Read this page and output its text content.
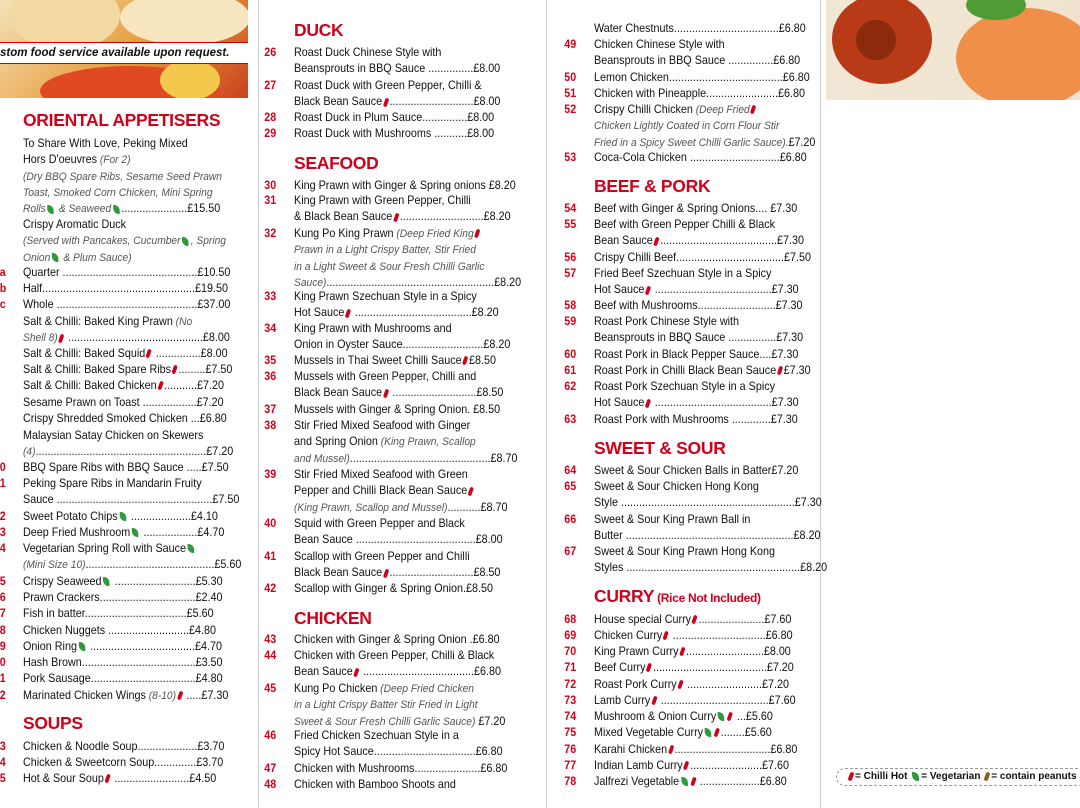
stom food service available upon request.
ORIENTAL APPETISERS
SOUPS
To Share With Love, Peking Mixed
Hors D'oeuvres (For 2)
(Dry BBQ Spare Ribs, Sesame Seed Prawn
Toast, Smoked Corn Chicken, Mini Spring
Rolls & Seaweed ......................£15.50
Crispy Aromatic Duck
(Served with Pancakes, Cucumber , Spring
Onion & Plum Sauce)
a Quarter .............................................£10.50
b Half...................................................£19.50
c Whole ...............................................£37.00
Salt & Chilli: Baked King Prawn (No
Shell 8) .............................................£8.00
Salt & Chilli: Baked Squid ...............£8.00
Salt & Chilli: Baked Spare Ribs .........£7.50
Salt & Chilli: Baked Chicken ...........£7.20
Sesame Prawn on Toast ..................£7.20
Crispy Shredded Smoked Chicken ...£6.80
Malaysian Satay Chicken on Skewers
(4).........................................................£7.20
0 BBQ Spare Ribs with BBQ Sauce .....£7.50
1 Peking Spare Ribs in Mandarin Fruity
Sauce ....................................................£7.50
2 Sweet Potato Chips ....................£4.10
3 Deep Fried Mushroom ..................£4.70
4 Vegetarian Spring Roll with Sauce
(Mini Size 10)...........................................£5.60
5 Crispy Seaweed ...........................£5.30
6 Prawn Crackers................................£2.40
7 Fish in batter..................................£5.60
8 Chicken Nuggets ...........................£4.80
9 Onion Ring ...................................£4.70
0 Hash Brown......................................£3.50
1 Pork Sausage...................................£4.80
2 Marinated Chicken Wings (8-10) .....£7.30
3 Chicken & Noodle Soup....................£3.70
4 Chicken & Sweetcorn Soup..............£3.70
5 Hot & Sour Soup .........................£4.50
DUCK
SEAFOOD
CHICKEN
26 Roast Duck Chinese Style with
Beansprouts in BBQ Sauce ...............£8.00
27 Roast Duck with Green Pepper, Chilli &
Black Bean Sauce ............................£8.00
28 Roast Duck in Plum Sauce...............£8.00
29 Roast Duck with Mushrooms ...........£8.00
30 King Prawn with Ginger & Spring onions £8.20
31 King Prawn with Green Pepper, Chilli
& Black Bean Sauce ............................£8.20
32 Kung Po King Prawn (Deep Fried King
Prawn in a Light Crispy Batter, Stir Fried
in a Light Sweet & Sour Fresh Chilli Garlic
Sauce)........................................................£8.20
33 King Prawn Szechuan Style in a Spicy
Hot Sauce .......................................£8.20
34 King Prawn with Mushrooms and
Onion in Oyster Sauce...........................£8.20
35 Mussels in Thai Sweet Chilli Sauce £8.50
36 Mussels with Green Pepper, Chilli and
Black Bean Sauce ............................£8.50
37 Mussels with Ginger & Spring Onion. £8.50
38 Stir Fried Mixed Seafood with Ginger
and Spring Onion (King Prawn, Scallop
and Mussel)...............................................£8.70
39 Stir Fried Mixed Seafood with Green
Pepper and Chilli Black Bean Sauce
(King Prawn, Scallop and Mussel)...........£8.70
40 Squid with Green Pepper and Black
Bean Sauce ........................................£8.00
41 Scallop with Green Pepper and Chilli
Black Bean Sauce ............................£8.50
42 Scallop with Ginger & Spring Onion.£8.50
43 Chicken with Ginger & Spring Onion .£6.80
44 Chicken with Green Pepper, Chilli & Black
Bean Sauce .....................................£6.80
45 Kung Po Chicken (Deep Fried Chicken
in a Light Crispy Batter Stir Fried in Light
Sweet & Sour Fresh Chilli Garlic Sauce) £7.20
46 Fried Chicken Szechuan Style in a
Spicy Hot Sauce..................................£6.80
47 Chicken with Mushrooms......................£6.80
48 Chicken with Bamboo Shoots and
BEEF & PORK
SWEET & SOUR
CURRY (Rice Not Included)
Water Chestnuts...................................£6.80
49 Chicken Chinese Style with
Beansprouts in BBQ Sauce ...............£6.80
50 Lemon Chicken......................................£6.80
51 Chicken with Pineapple........................£6.80
52 Crispy Chilli Chicken (Deep Fried
Chicken Lightly Coated in Corn Flour Stir
Fried in a Spicy Sweet Chilli Garlic Sauce).£7.20
53 Coca-Cola Chicken ..............................£6.80
54 Beef with Ginger & Spring Onions.... £7.30
55 Beef with Green Pepper Chilli & Black
Bean Sauce .......................................£7.30
56 Crispy Chilli Beef....................................£7.50
57 Fried Beef Szechuan Style in a Spicy
Hot Sauce .......................................£7.30
58 Beef with Mushrooms..........................£7.30
59 Roast Pork Chinese Style with
Beansprouts in BBQ Sauce ................£7.30
60 Roast Pork in Black Pepper Sauce....£7.30
61 Roast Pork in Chilli Black Bean Sauce £7.30
62 Roast Pork Szechuan Style in a Spicy
Hot Sauce .......................................£7.30
63 Roast Pork with Mushrooms .............£7.30
64 Sweet & Sour Chicken Balls in Batter£7.20
65 Sweet & Sour Chicken Hong Kong
Style ..........................................................£7.30
66 Sweet & Sour King Prawn Ball in
Butter ........................................................£8.20
67 Sweet & Sour King Prawn Hong Kong
Styles ..........................................................£8.20
68 House special Curry ......................£7.60
69 Chicken Curry ...............................£6.80
70 King Prawn Curry ..........................£8.00
71 Beef Curry ......................................£7.20
72 Roast Pork Curry .........................£7.20
73 Lamb Curry ....................................£7.60
74 Mushroom & Onion Curry ...£5.60
75 Mixed Vegetable Curry ........£5.60
76 Karahi Chicken ................................£6.80
77 Indian Lamb Curry ........................£7.60
78 Jalfrezi Vegetable ....................£6.80	= Chilli Hot = Vegetarian = contain peanuts
